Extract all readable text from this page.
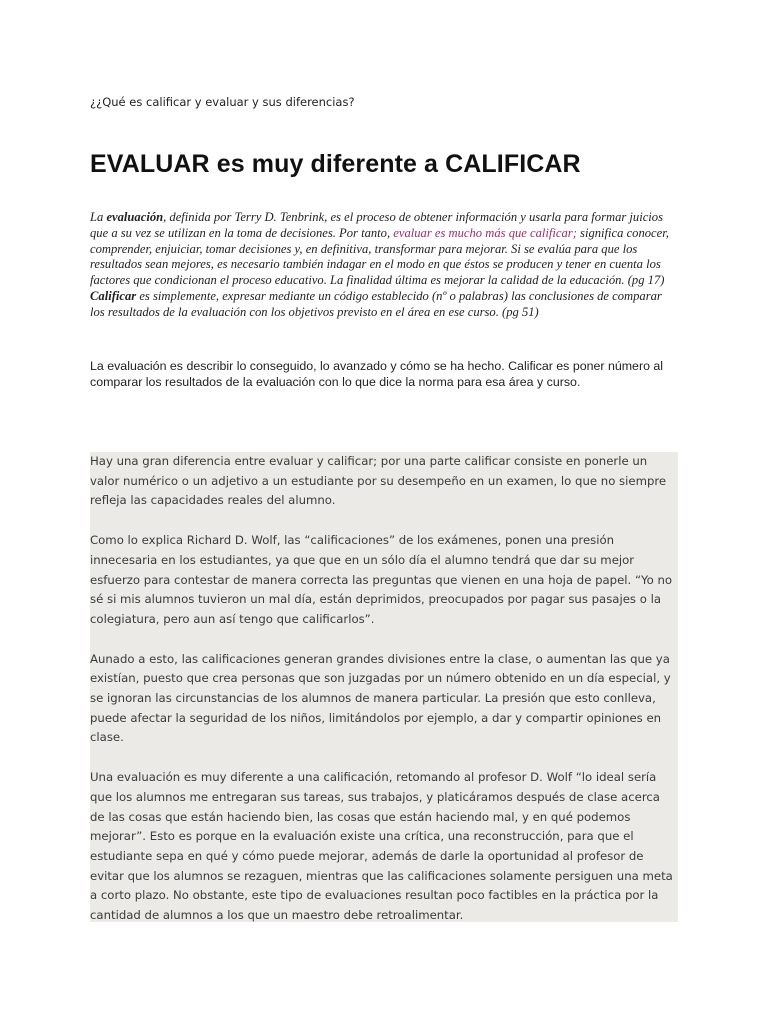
¿¿Qué es calificar y evaluar y sus diferencias?
EVALUAR es muy diferente a CALIFICAR

La evaluación, definida por Terry D. Tenbrink, es el proceso de obtener información y usarla para formar juicios que a su vez se utilizan en la toma de decisiones. Por tanto, evaluar es mucho más que calificar; significa conocer, comprender, enjuiciar, tomar decisiones y, en definitiva, transformar para mejorar. Si se evalúa para que los resultados sean mejores, es necesario también indagar en el modo en que éstos se producen y tener en cuenta los factores que condicionan el proceso educativo. La finalidad última es mejorar la calidad de la educación. (pg 17)
Calificar es simplemente, expresar mediante un código establecido (nº o palabras) las conclusiones de comparar los resultados de la evaluación con los objetivos previsto en el área en ese curso. (pg 51)

La evaluación es describir lo conseguido, lo avanzado y cómo se ha hecho. Calificar es poner número al comparar los resultados de la evaluación con lo que dice la norma para esa área y curso.

Hay una gran diferencia entre evaluar y calificar; por una parte calificar consiste en ponerle un valor numérico o un adjetivo a un estudiante por su desempeño en un examen, lo que no siempre refleja las capacidades reales del alumno.

Como lo explica Richard D. Wolf, las “calificaciones” de los exámenes, ponen una presión innecesaria en los estudiantes, ya que que en un sólo día el alumno tendrá que dar su mejor esfuerzo para contestar de manera correcta las preguntas que vienen en una hoja de papel. “Yo no sé si mis alumnos tuvieron un mal día, están deprimidos, preocupados por pagar sus pasajes o la colegiatura, pero aun así tengo que calificarlos”.

Aunado a esto, las calificaciones generan grandes divisiones entre la clase, o aumentan las que ya existían, puesto que crea personas que son juzgadas por un número obtenido en un día especial, y se ignoran las circunstancias de los alumnos de manera particular. La presión que esto conlleva, puede afectar la seguridad de los niños, limitándolos por ejemplo, a dar y compartir opiniones en clase.

Una evaluación es muy diferente a una calificación, retomando al profesor D. Wolf “lo ideal sería que los alumnos me entregaran sus tareas, sus trabajos, y platicáramos después de clase acerca de las cosas que están haciendo bien, las cosas que están haciendo mal, y en qué podemos mejorar”. Esto es porque en la evaluación existe una crítica, una reconstrucción, para que el estudiante sepa en qué y cómo puede mejorar, además de darle la oportunidad al profesor de evitar que los alumnos se rezaguen, mientras que las calificaciones solamente persiguen una meta a corto plazo. No obstante, este tipo de evaluaciones resultan poco factibles en la práctica por la cantidad de alumnos a los que un maestro debe retroalimentar.
